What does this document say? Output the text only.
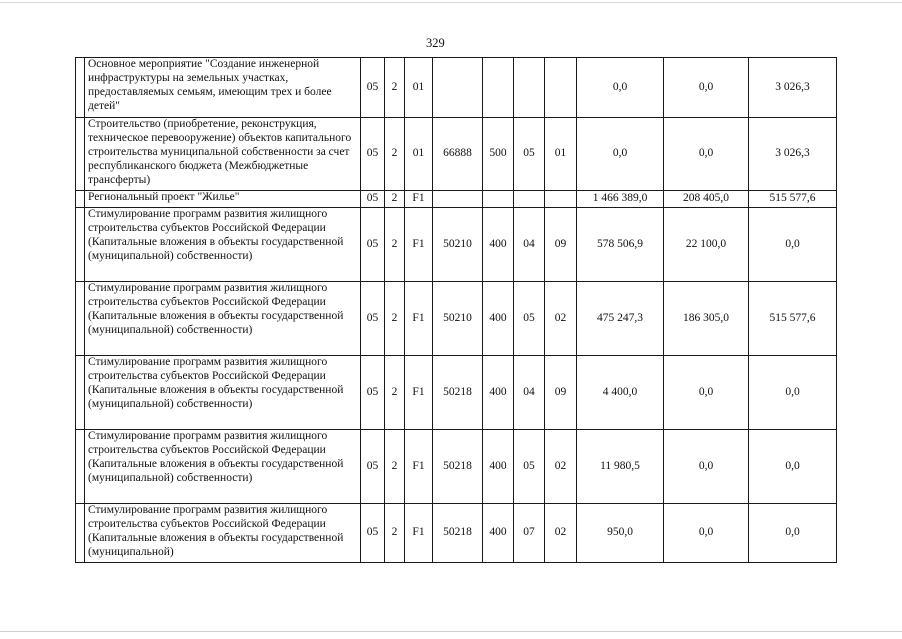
329
	Основное мероприятие "Создание инженерной инфраструктуры на земельных участках, предоставляемых семьям, имеющим трех и более детей"	05	2	01					0,0	0,0	3 026,3
	Строительство (приобретение, реконструкция, техническое перевооружение) объектов капитального строительства муниципальной собственности за счет республиканского бюджета (Межбюджетные трансферты)	05	2	01	66888	500	05	01	0,0	0,0	3 026,3
	Региональный проект "Жилье"	05	2	F1					1 466 389,0	208 405,0	515 577,6
	Стимулирование программ развития жилищного строительства субъектов Российской Федерации (Капитальные вложения в объекты государственной (муниципальной) собственности)	05	2	F1	50210	400	04	09	578 506,9	22 100,0	0,0
	Стимулирование программ развития жилищного строительства субъектов Российской Федерации (Капитальные вложения в объекты государственной (муниципальной) собственности)	05	2	F1	50210	400	05	02	475 247,3	186 305,0	515 577,6
	Стимулирование программ развития жилищного строительства субъектов Российской Федерации (Капитальные вложения в объекты государственной (муниципальной) собственности)	05	2	F1	50218	400	04	09	4 400,0	0,0	0,0
	Стимулирование программ развития жилищного строительства субъектов Российской Федерации (Капитальные вложения в объекты государственной (муниципальной) собственности)	05	2	F1	50218	400	05	02	11 980,5	0,0	0,0
	Стимулирование программ развития жилищного строительства субъектов Российской Федерации (Капитальные вложения в объекты государственной (муниципальной)	05	2	F1	50218	400	07	02	950,0	0,0	0,0
